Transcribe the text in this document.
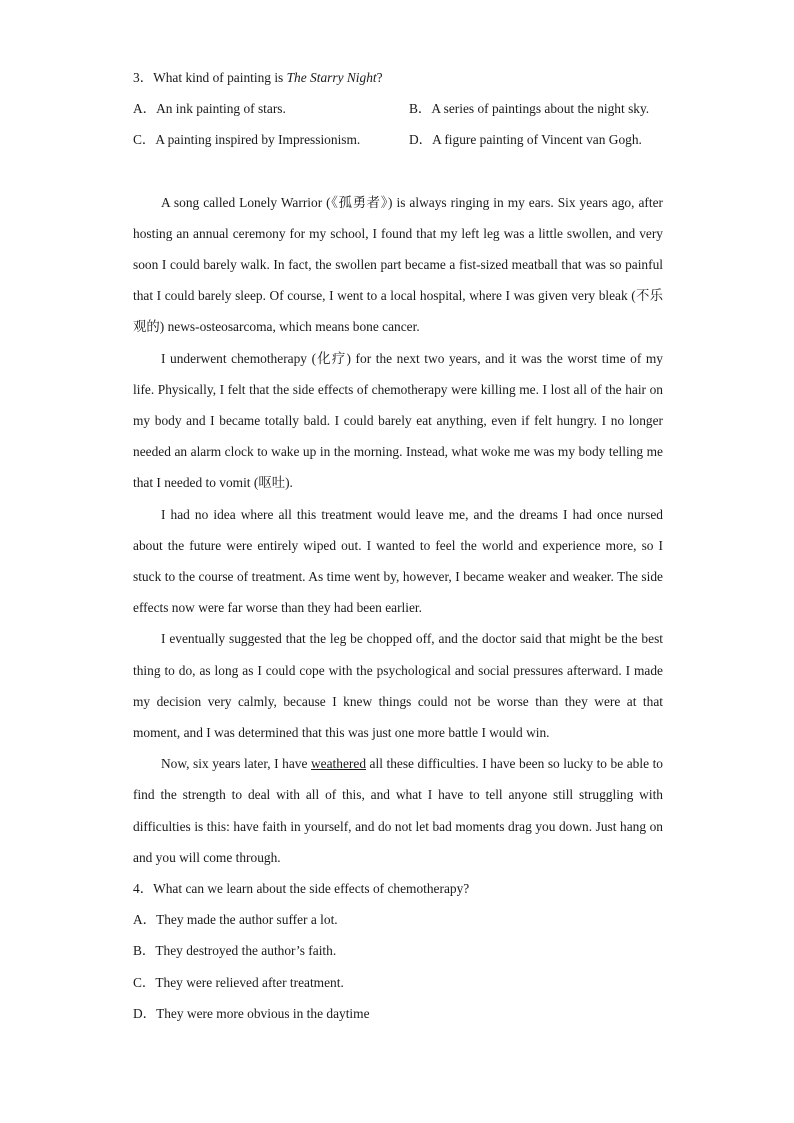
3．What kind of painting is The Starry Night?
A．An ink painting of stars.	B．A series of paintings about the night sky.
C．A painting inspired by Impressionism.	D．A figure painting of Vincent van Gogh.
A song called Lonely Warrior (《孤勇者》) is always ringing in my ears. Six years ago, after hosting an annual ceremony for my school, I found that my left leg was a little swollen, and very soon I could barely walk. In fact, the swollen part became a fist-sized meatball that was so painful that I could barely sleep. Of course, I went to a local hospital, where I was given very bleak (不乐观的) news-osteosarcoma, which means bone cancer.
I underwent chemotherapy (化疗) for the next two years, and it was the worst time of my life. Physically, I felt that the side effects of chemotherapy were killing me. I lost all of the hair on my body and I became totally bald. I could barely eat anything, even if felt hungry. I no longer needed an alarm clock to wake up in the morning. Instead, what woke me was my body telling me that I needed to vomit (呕吐).
I had no idea where all this treatment would leave me, and the dreams I had once nursed about the future were entirely wiped out. I wanted to feel the world and experience more, so I stuck to the course of treatment. As time went by, however, I became weaker and weaker. The side effects now were far worse than they had been earlier.
I eventually suggested that the leg be chopped off, and the doctor said that might be the best thing to do, as long as I could cope with the psychological and social pressures afterward. I made my decision very calmly, because I knew things could not be worse than they were at that moment, and I was determined that this was just one more battle I would win.
Now, six years later, I have weathered all these difficulties. I have been so lucky to be able to find the strength to deal with all of this, and what I have to tell anyone still struggling with difficulties is this: have faith in yourself, and do not let bad moments drag you down. Just hang on and you will come through.
4．What can we learn about the side effects of chemotherapy?
A．They made the author suffer a lot.
B．They destroyed the author’s faith.
C．They were relieved after treatment.
D．They were more obvious in the daytime
